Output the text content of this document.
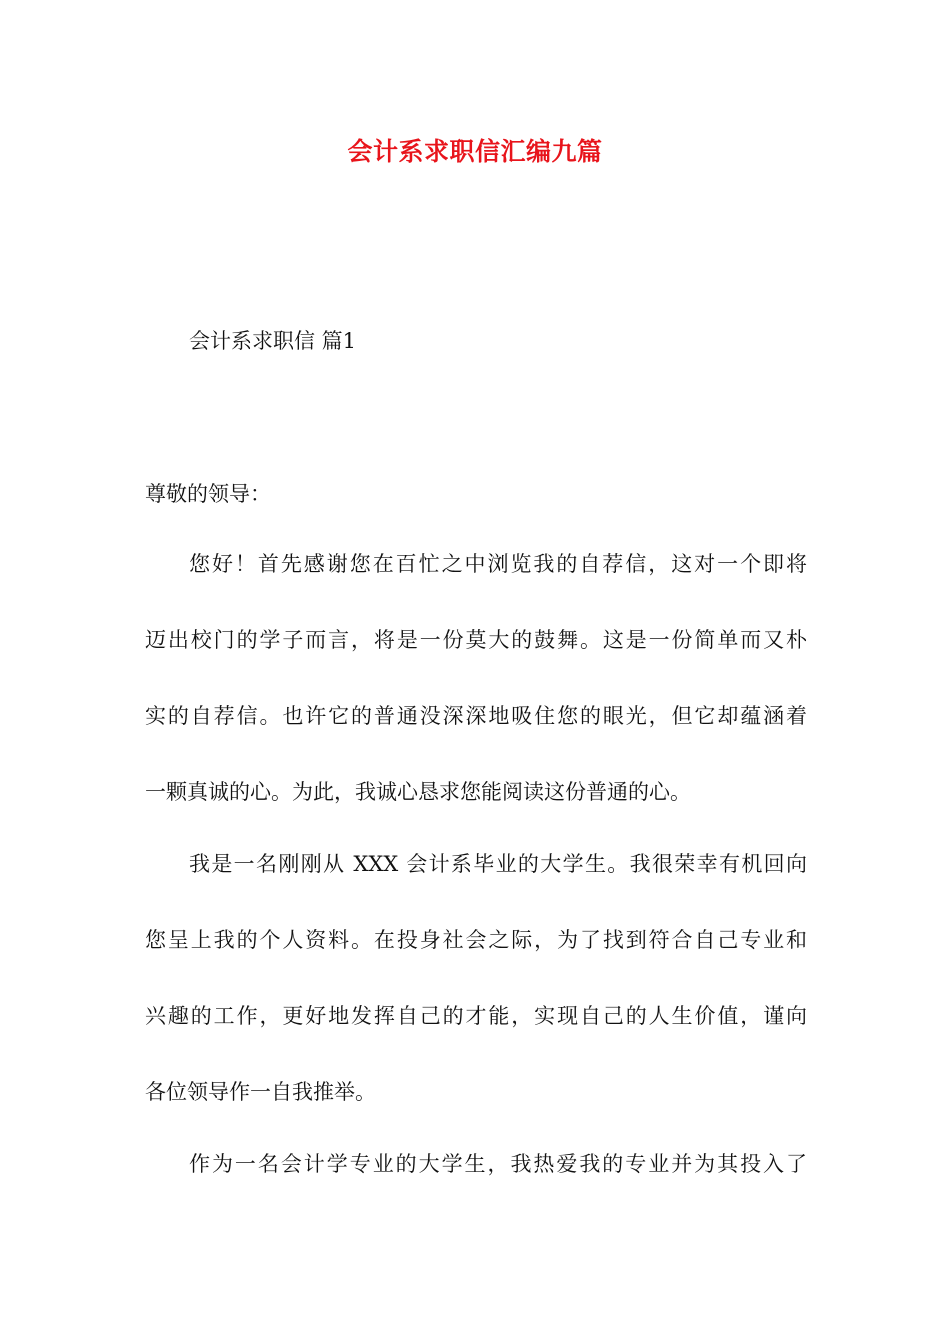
会计系求职信汇编九篇
会计系求职信 篇1
尊敬的领导：
您好！首先感谢您在百忙之中浏览我的自荐信，这对一个即将
迈出校门的学子而言，将是一份莫大的鼓舞。这是一份简单而又朴
实的自荐信。也许它的普通没深深地吸住您的眼光，但它却蕴涵着
一颗真诚的心。为此，我诚心恳求您能阅读这份普通的心。
我是一名刚刚从 XXX 会计系毕业的大学生。我很荣幸有机回向
您呈上我的个人资料。在投身社会之际，为了找到符合自己专业和
兴趣的工作，更好地发挥自己的才能，实现自己的人生价值，谨向
各位领导作一自我推举。
作为一名会计学专业的大学生，我热爱我的专业并为其投入了
